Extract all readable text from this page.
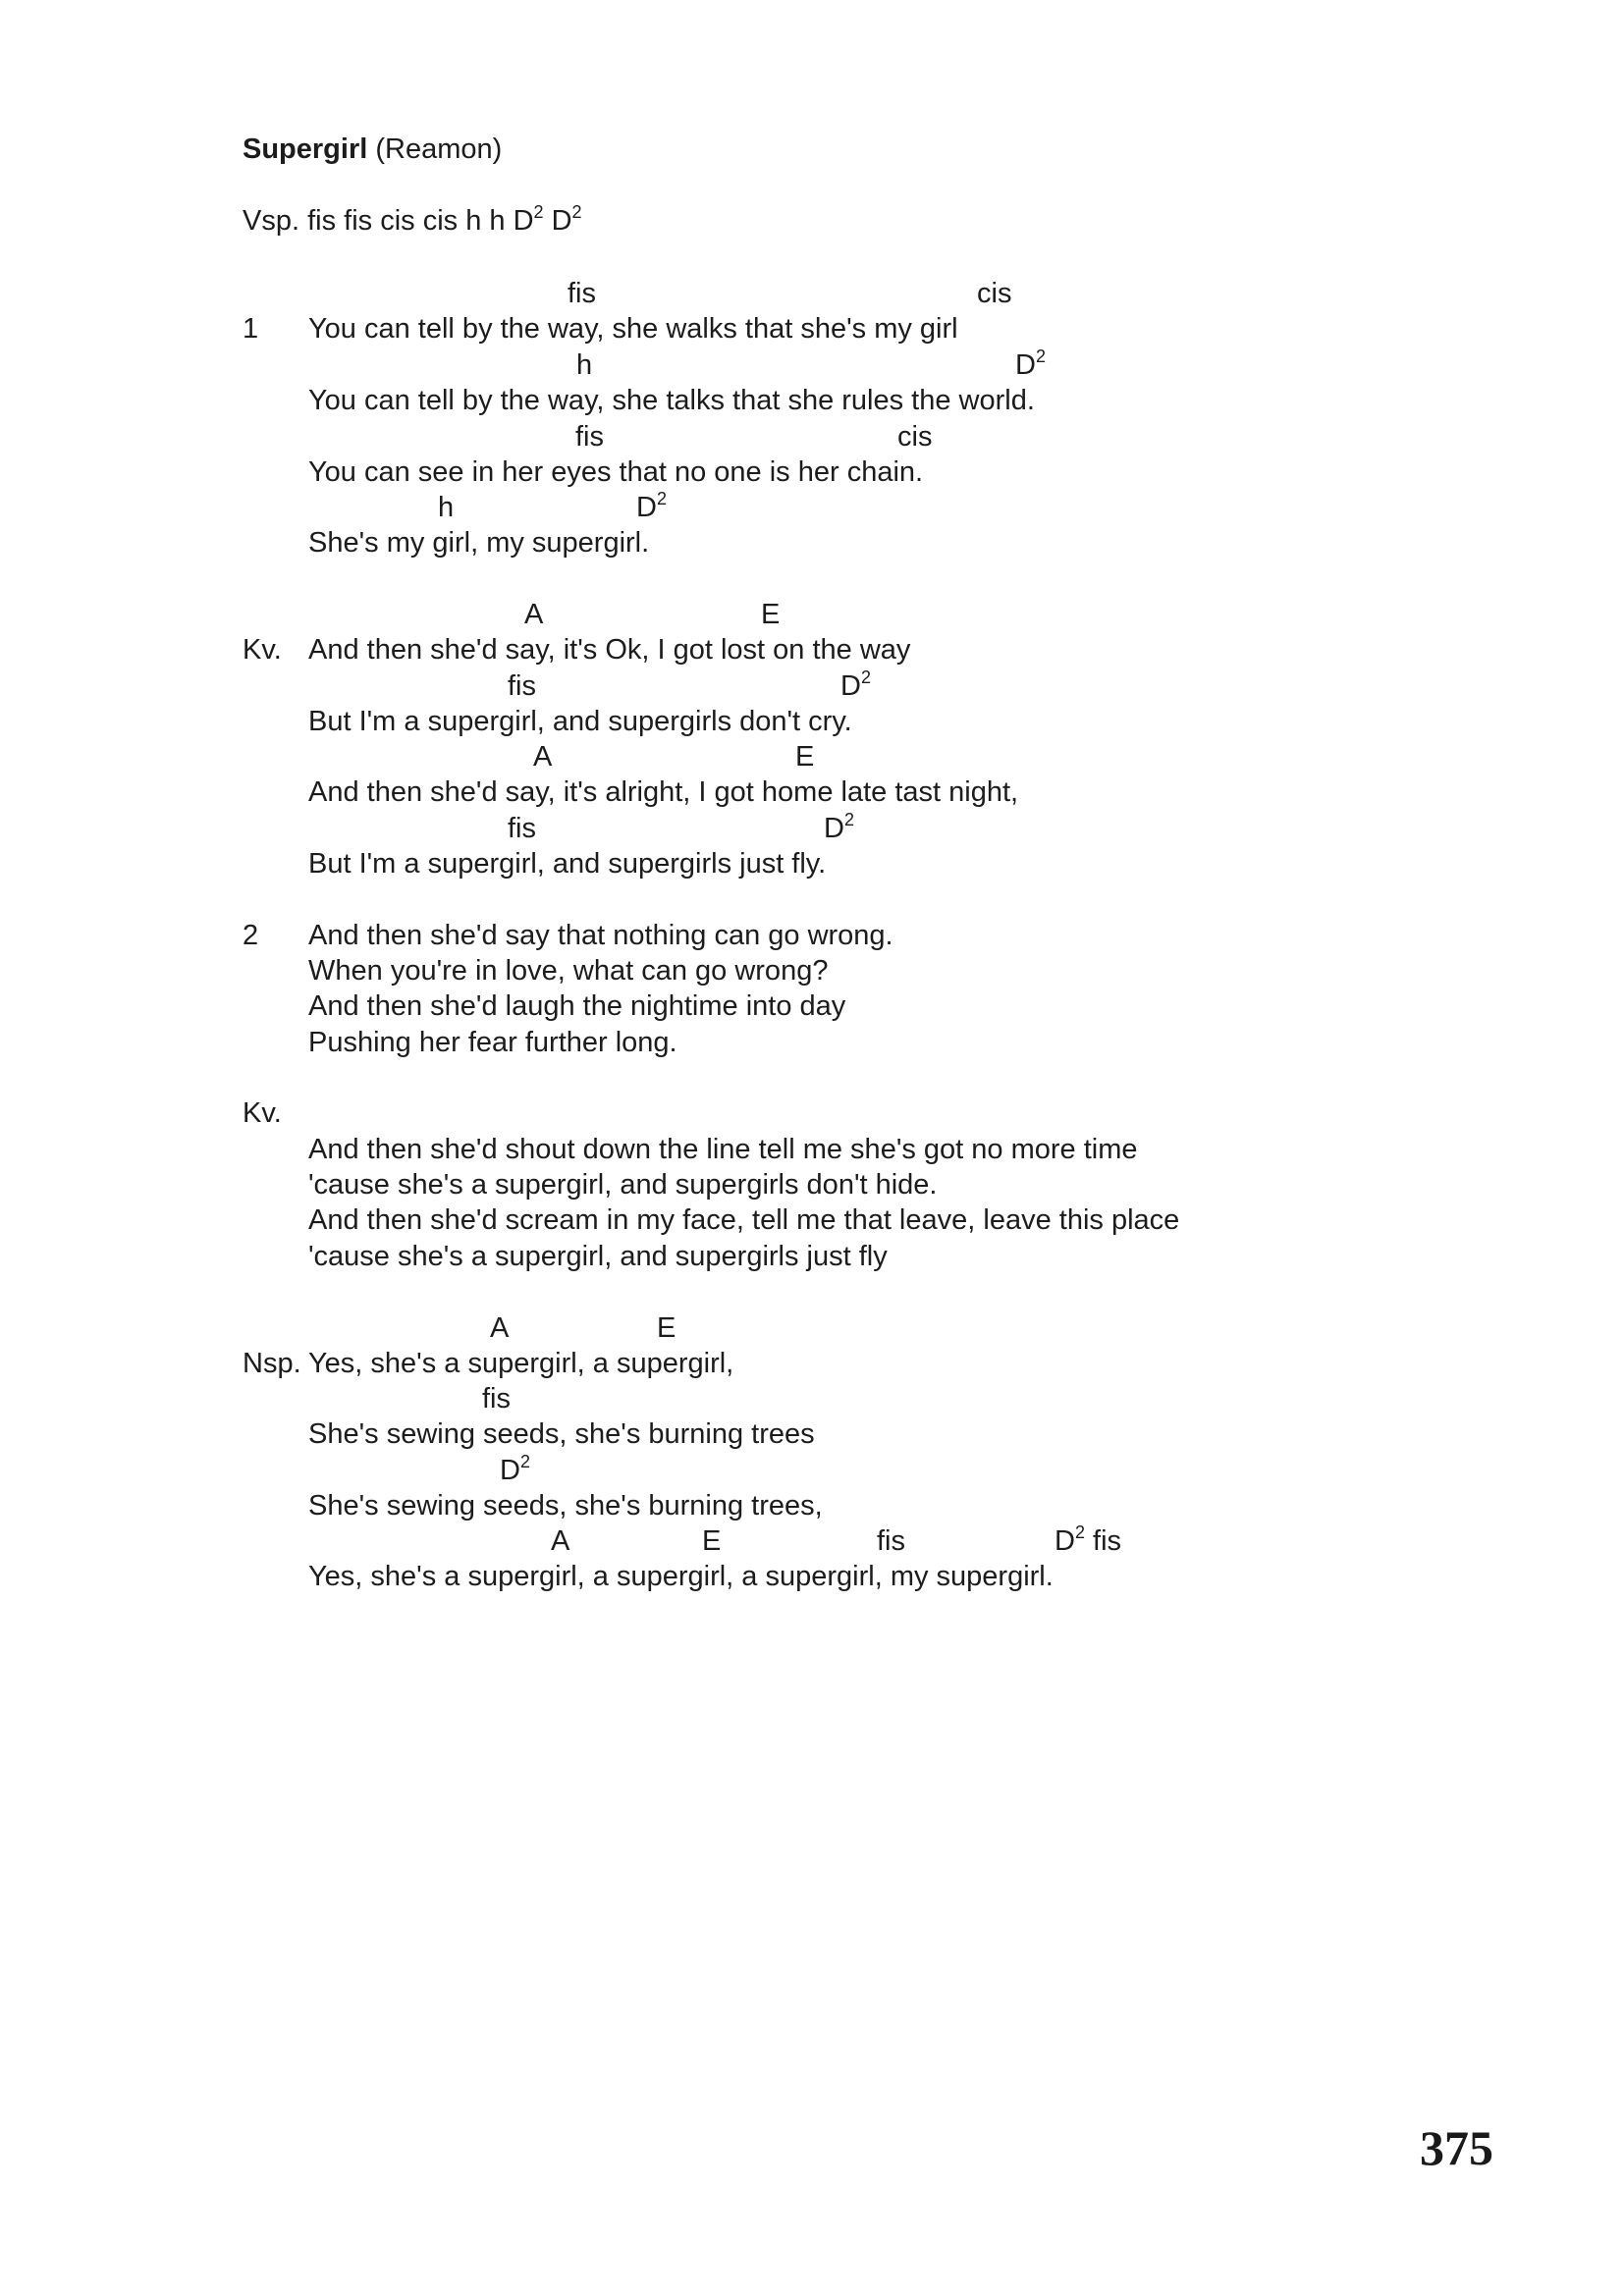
Supergirl (Reamon)
Vsp. fis fis cis cis h h $D^2$ $D^2$
1
fis	cis
You can tell by the way, she walks that she's my girl
h	$D^2$
You can tell by the way, she talks that she rules the world.
fis	cis
You can see in her eyes that no one is her chain.
h	$D^2$
She's my girl, my supergirl.
Kv.
A	E
And then she'd say, it's Ok, I got lost on the way
fis	$D^2$
But I'm a supergirl, and supergirls don't cry.
A	E
And then she'd say, it's alright, I got home late tast night,
fis	$D^2$
But I'm a supergirl, and supergirls just fly.
2 And then she'd say that nothing can go wrong.
When you're in love, what can go wrong?
And then she'd laugh the nightime into day
Pushing her fear further long.
Kv.
And then she'd shout down the line tell me she's got no more time
'cause she's a supergirl, and supergirls don't hide.
And then she'd scream in my face, tell me that leave, leave this place
'cause she's a supergirl, and supergirls just fly
Nsp.
A	E
Yes, she's a supergirl, a supergirl,
fis
She's sewing seeds, she's burning trees
$D^2$
She's sewing seeds, she's burning trees,
A	E	fis	$D^2$ fis
Yes, she's a supergirl, a supergirl, a supergirl, my supergirl.
375
